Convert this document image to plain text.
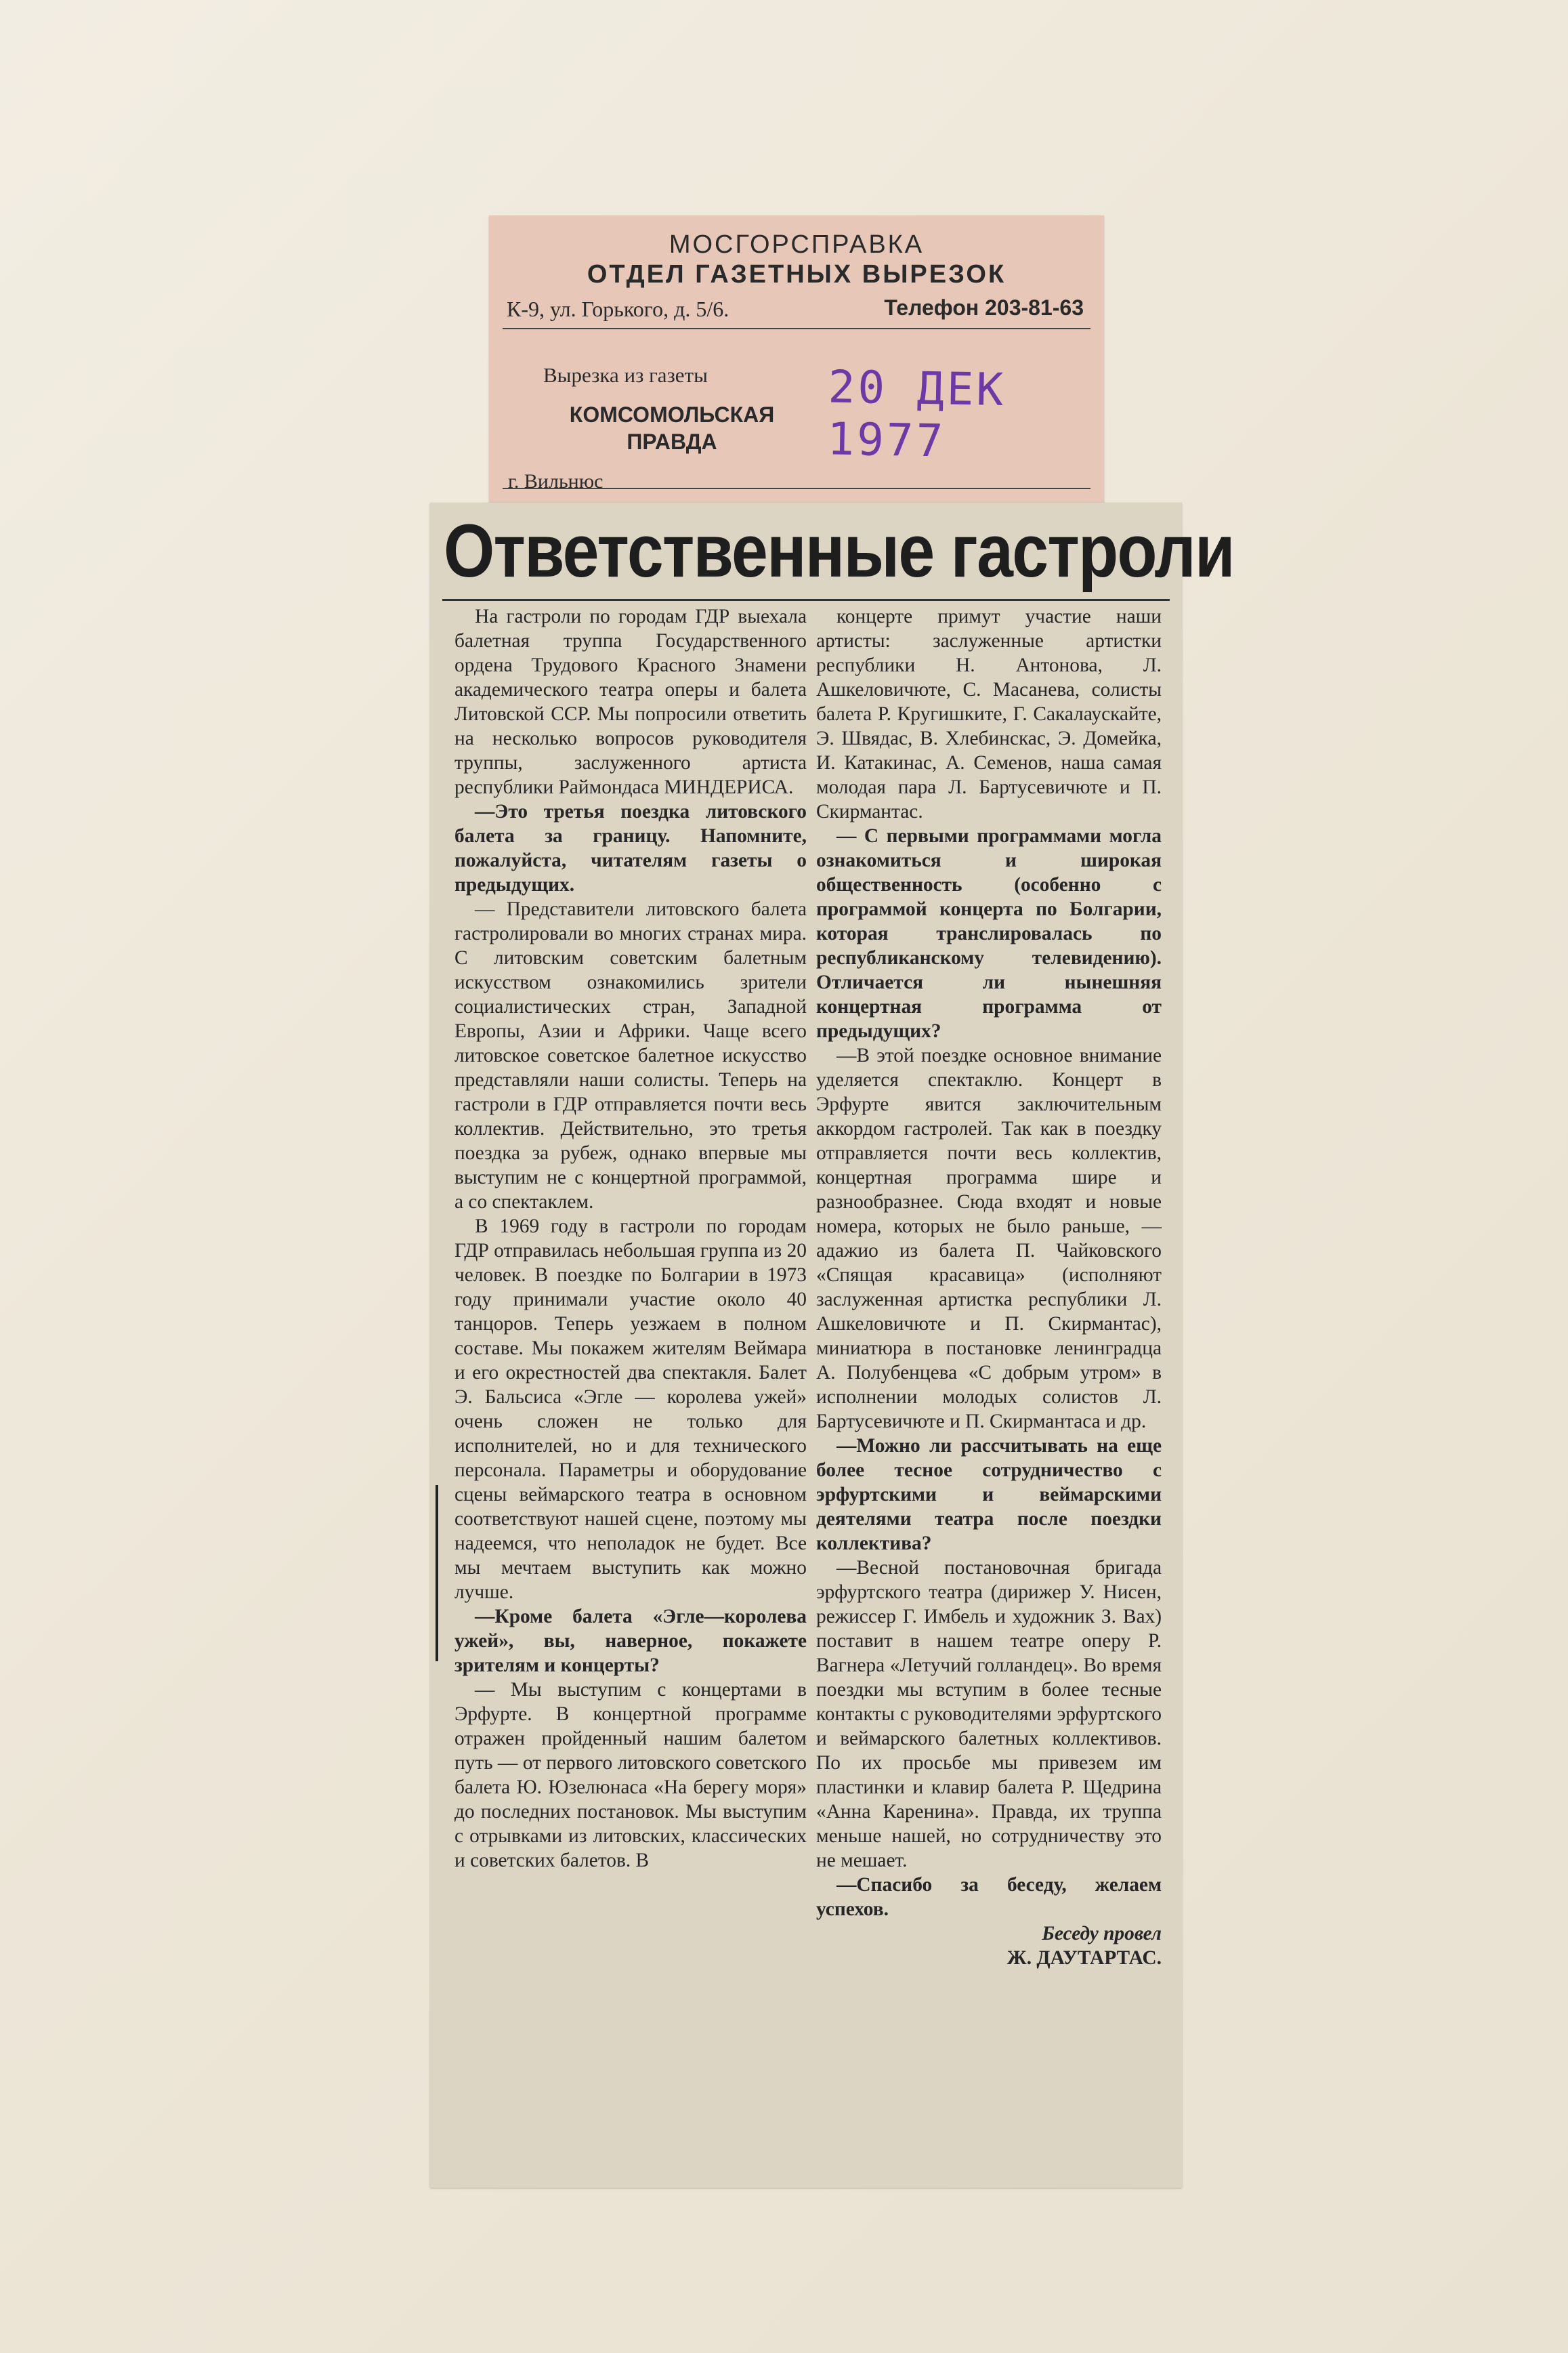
МОСГОРСПРАВКА
ОТДЕЛ ГАЗЕТНЫХ ВЫРЕЗОК
К-9, ул. Горького, д. 5/6.	Телефон 203-81-63
Вырезка из газеты
КОМСОМОЛЬСКАЯ ПРАВДА
20 ДЕК 1977
г. Вильнюс
Ответственные гастроли

На гастроли по городам ГДР выехала балетная труппа Государственного ордена Трудового Красного Знамени академического театра оперы и балета Литовской ССР. Мы попросили ответить на несколько вопросов руководителя труппы, заслуженного артиста республики Раймондаса МИНДЕРИСА.

—Это третья поездка литовского балета за границу. Напомните, пожалуйста, читателям газеты о предыдущих.

— Представители литовского балета гастролировали во многих странах мира. С литовским советским балетным искусством ознакомились зрители социалистических стран, Западной Европы, Азии и Африки. Чаще всего литовское советское балетное искусство представляли наши солисты. Теперь на гастроли в ГДР отправляется почти весь коллектив. Действительно, это третья поездка за рубеж, однако впервые мы выступим не с концертной программой, а со спектаклем.

В 1969 году в гастроли по городам ГДР отправилась небольшая группа из 20 человек. В поездке по Болгарии в 1973 году принимали участие около 40 танцоров. Теперь уезжаем в полном составе. Мы покажем жителям Веймара и его окрестностей два спектакля. Балет Э. Бальсиса «Эгле — королева ужей» очень сложен не только для исполнителей, но и для технического персонала. Параметры и оборудование сцены веймарского театра в основном соответствуют нашей сцене, поэтому мы надеемся, что неполадок не будет. Все мы мечтаем выступить как можно лучше.

—Кроме балета «Эгле—королева ужей», вы, наверное, покажете зрителям и концерты?

— Мы выступим с концертами в Эрфурте. В концертной программе отражен пройденный нашим балетом путь — от первого литовского советского балета Ю. Юзелюнаса «На берегу моря» до последних постановок. Мы выступим с отрывками из литовских, классических и советских балетов. В

концерте примут участие наши артисты: заслуженные артистки республики Н. Антонова, Л. Ашкеловичюте, С. Масанева, солисты балета Р. Кругишките, Г. Сакалаускайте, Э. Швядас, В. Хлебинскас, Э. Домейка, И. Катакинас, А. Семенов, наша самая молодая пара Л. Бартусевичюте и П. Скирмантас.

— С первыми программами могла ознакомиться и широкая общественность (особенно с программой концерта по Болгарии, которая транслировалась по республиканскому телевидению). Отличается ли нынешняя концертная программа от предыдущих?

—В этой поездке основное внимание уделяется спектаклю. Концерт в Эрфурте явится заключительным аккордом гастролей. Так как в поездку отправляется почти весь коллектив, концертная программа шире и разнообразнее. Сюда входят и новые номера, которых не было раньше, — адажио из балета П. Чайковского «Спящая красавица» (исполняют заслуженная артистка республики Л. Ашкеловичюте и П. Скирмантас), миниатюра в постановке ленинградца А. Полубенцева «С добрым утром» в исполнении молодых солистов Л. Бартусевичюте и П. Скирмантаса и др.

—Можно ли рассчитывать на еще более тесное сотрудничество с эрфуртскими и веймарскими деятелями театра после поездки коллектива?

—Весной постановочная бригада эрфуртского театра (дирижер У. Нисен, режиссер Г. Имбель и художник З. Вах) поставит в нашем театре оперу Р. Вагнера «Летучий голландец». Во время поездки мы вступим в более тесные контакты с руководителями эрфуртского и веймарского балетных коллективов. По их просьбе мы привезем им пластинки и клавир балета Р. Щедрина «Анна Каренина». Правда, их труппа меньше нашей, но сотрудничеству это не мешает.

—Спасибо за беседу, желаем успехов.

Беседу провел

Ж. ДАУТАРТАС.
